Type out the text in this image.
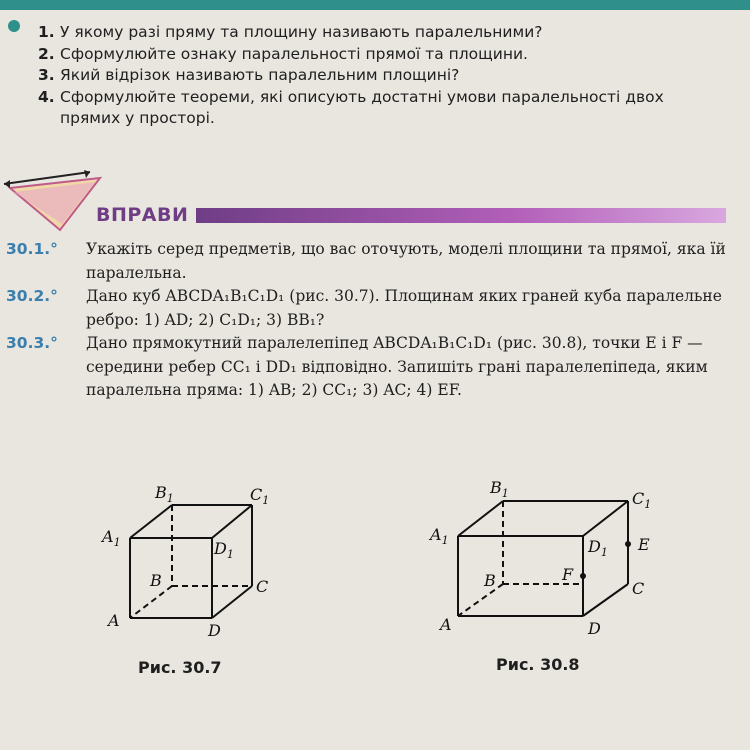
1. У якому разі пряму та площину називають паралельними?
2. Сформулюйте ознаку паралельності прямої та площини.
3. Який відрізок називають паралельним площині?
4. Сформулюйте теореми, які описують достатні умови паралельності двох прямих у просторі.
ВПРАВИ
30.1.°	Укажіть серед предметів, що вас оточують, моделі площини та прямої, яка їй паралельна.
30.2.°	Дано куб ABCDA₁B₁C₁D₁ (рис. 30.7). Площинам яких граней куба паралельне ребро: 1) AD; 2) C₁D₁; 3) BB₁?
30.3.°	Дано прямокутний паралелепіпед ABCDA₁B₁C₁D₁ (рис. 30.8), точки E і F — середини ребер CC₁ і DD₁ відповідно. Запишіть грані паралелепіпеда, яким паралельна пряма: 1) AB; 2) CC₁; 3) AC; 4) EF.
$B_1$	$C_1$
$A_1$	$D_1$
B	C
A
D
Рис. 30.7
$B_1$	$C_1$
$A_1$	$D_1$ E
F
B	C
A	D
Рис. 30.8
